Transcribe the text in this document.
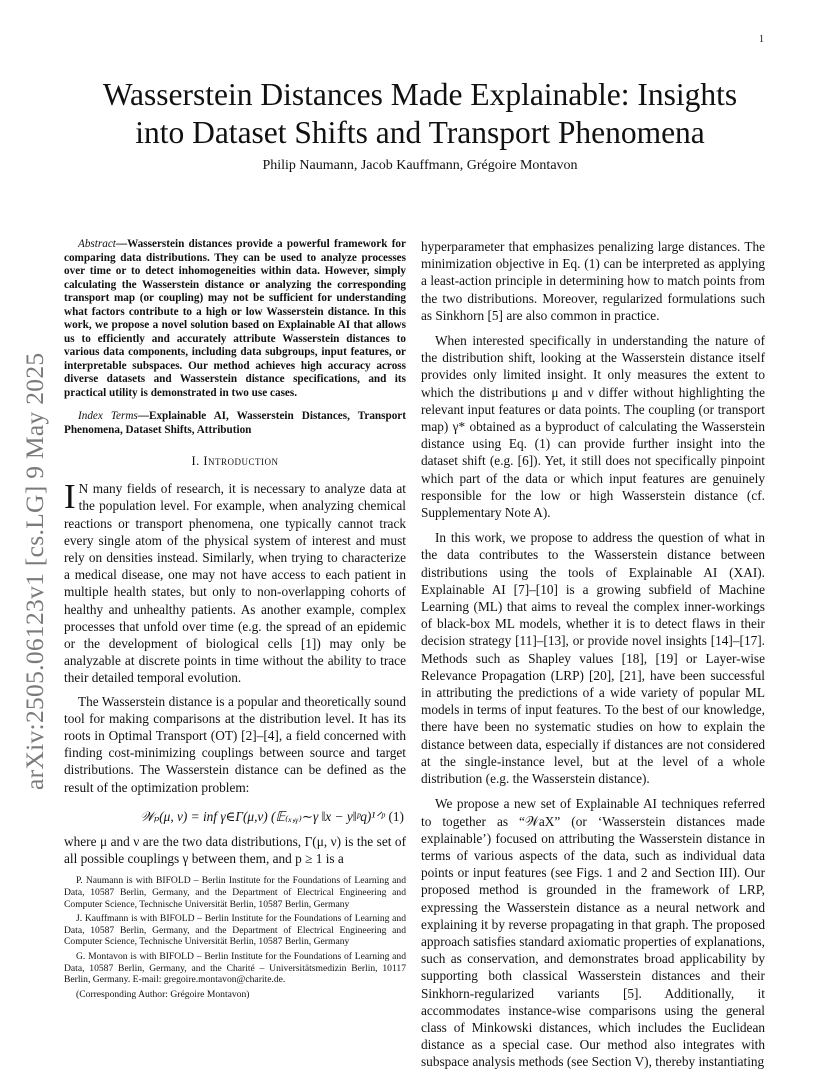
1
arXiv:2505.06123v1 [cs.LG] 9 May 2025
Wasserstein Distances Made Explainable: Insights
into Dataset Shifts and Transport Phenomena
Philip Naumann, Jacob Kauffmann, Grégoire Montavon

Abstract—Wasserstein distances provide a powerful framework for comparing data distributions. They can be used to analyze processes over time or to detect inhomogeneities within data. However, simply calculating the Wasserstein distance or analyzing the corresponding transport map (or coupling) may not be sufficient for understanding what factors contribute to a high or low Wasserstein distance. In this work, we propose a novel solution based on Explainable AI that allows us to efficiently and accurately attribute Wasserstein distances to various data components, including data subgroups, input features, or interpretable subspaces. Our method achieves high accuracy across diverse datasets and Wasserstein distance specifications, and its practical utility is demonstrated in two use cases.

Index Terms—Explainable AI, Wasserstein Distances, Transport Phenomena, Dataset Shifts, Attribution

I. Introduction

I N many fields of research, it is necessary to analyze data at the population level. For example, when analyzing chemical reactions or transport phenomena, one typically cannot track every single atom of the physical system of interest and must rely on densities instead. Similarly, when trying to characterize a medical disease, one may not have access to each patient in multiple health states, but only to non-overlapping cohorts of healthy and unhealthy patients. As another example, complex processes that unfold over time (e.g. the spread of an epidemic or the development of biological cells [1]) may only be analyzable at discrete points in time without the ability to trace their detailed temporal evolution.

The Wasserstein distance is a popular and theoretically sound tool for making comparisons at the distribution level. It has its roots in Optimal Transport (OT) [2]–[4], a field concerned with finding cost-minimizing couplings between source and target distributions. The Wasserstein distance can be defined as the result of the optimization problem:

𝒲ₚ(μ, ν) = inf γ∈Γ(μ,ν) (𝔼₍ₓ,ᵧ₎∼γ ‖x − y‖ᵖq)¹ᐟᵖ (1)

where μ and ν are the two data distributions, Γ(μ, ν) is the set of all possible couplings γ between them, and p ≥ 1 is a

P. Naumann is with BIFOLD – Berlin Institute for the Foundations of Learning and Data, 10587 Berlin, Germany, and the Department of Electrical Engineering and Computer Science, Technische Universität Berlin, 10587 Berlin, Germany

J. Kauffmann is with BIFOLD – Berlin Institute for the Foundations of Learning and Data, 10587 Berlin, Germany, and the Department of Electrical Engineering and Computer Science, Technische Universität Berlin, 10587 Berlin, Germany

G. Montavon is with BIFOLD – Berlin Institute for the Foundations of Learning and Data, 10587 Berlin, Germany, and the Charité – Universitätsmedizin Berlin, 10117 Berlin, Germany. E-mail: gregoire.montavon@charite.de.

(Corresponding Author: Grégoire Montavon)

hyperparameter that emphasizes penalizing large distances. The minimization objective in Eq. (1) can be interpreted as applying a least-action principle in determining how to match points from the two distributions. Moreover, regularized formulations such as Sinkhorn [5] are also common in practice.

When interested specifically in understanding the nature of the distribution shift, looking at the Wasserstein distance itself provides only limited insight. It only measures the extent to which the distributions μ and ν differ without highlighting the relevant input features or data points. The coupling (or transport map) γ* obtained as a byproduct of calculating the Wasserstein distance using Eq. (1) can provide further insight into the dataset shift (e.g. [6]). Yet, it still does not specifically pinpoint which part of the data or which input features are genuinely responsible for the low or high Wasserstein distance (cf. Supplementary Note A).

In this work, we propose to address the question of what in the data contributes to the Wasserstein distance between distributions using the tools of Explainable AI (XAI). Explainable AI [7]–[10] is a growing subfield of Machine Learning (ML) that aims to reveal the complex inner-workings of black-box ML models, whether it is to detect flaws in their decision strategy [11]–[13], or provide novel insights [14]–[17]. Methods such as Shapley values [18], [19] or Layer-wise Relevance Propagation (LRP) [20], [21], have been successful in attributing the predictions of a wide variety of popular ML models in terms of input features. To the best of our knowledge, there have been no systematic studies on how to explain the distance between data, especially if distances are not considered at the single-instance level, but at the level of a whole distribution (e.g. the Wasserstein distance).

We propose a new set of Explainable AI techniques referred to together as “𝒲aX” (or ‘Wasserstein distances made explainable’) focused on attributing the Wasserstein distance in terms of various aspects of the data, such as individual data points or input features (see Figs. 1 and 2 and Section III). Our proposed method is grounded in the framework of LRP, expressing the Wasserstein distance as a neural network and explaining it by reverse propagating in that graph. The proposed approach satisfies standard axiomatic properties of explanations, such as conservation, and demonstrates broad applicability by supporting both classical Wasserstein distances and their Sinkhorn-regularized variants [5]. Additionally, it accommodates instance-wise comparisons using the general class of Minkowski distances, which includes the Euclidean distance as a special case. Our method also integrates with subspace analysis methods (see Section V), thereby instantiating
